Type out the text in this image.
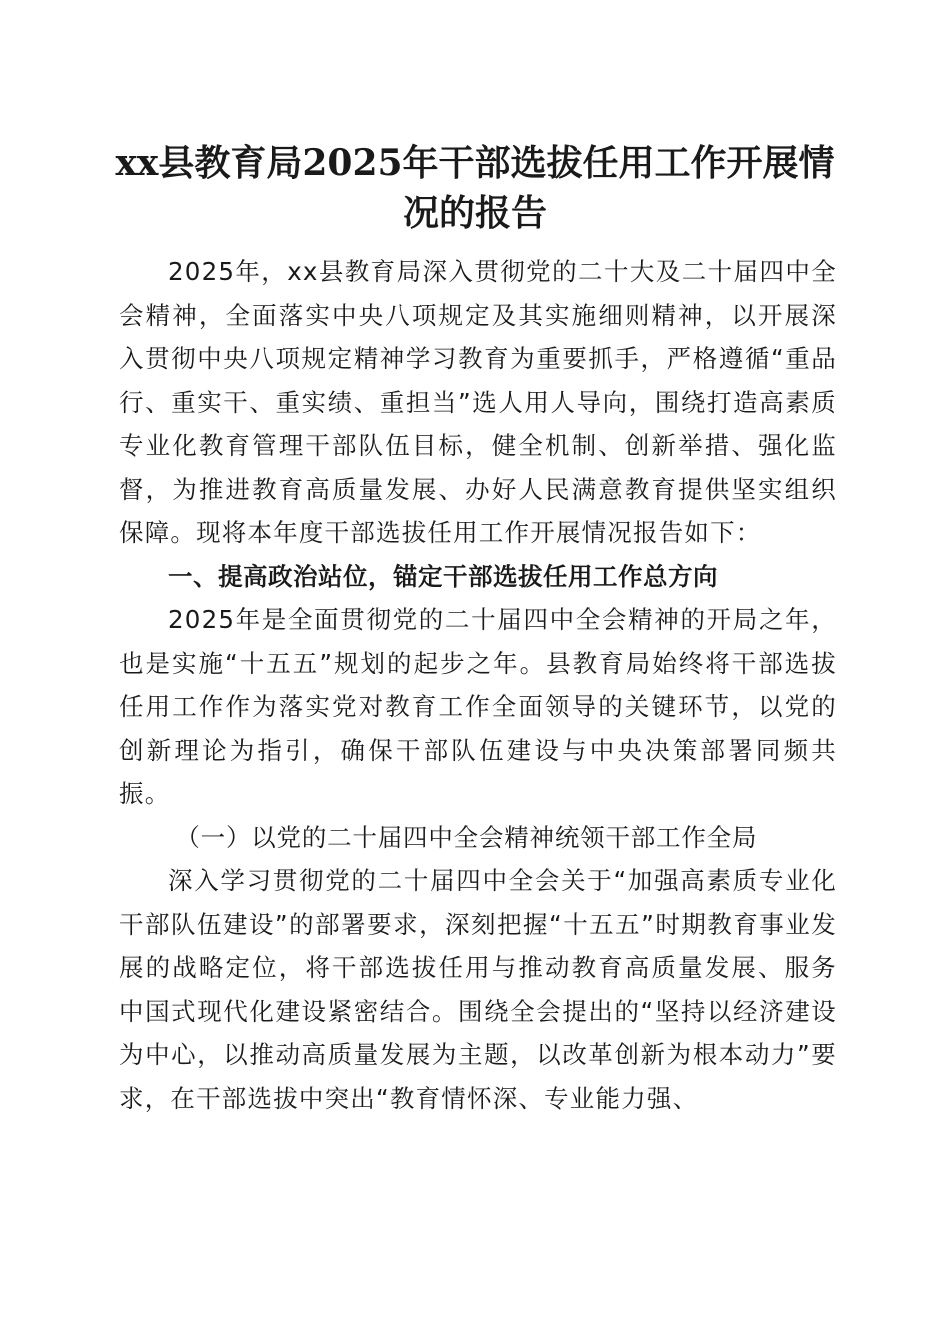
xx县教育局2025年干部选拔任用工作开展情
况的报告

2025年，xx县教育局深入贯彻党的二十大及二十届四中全会精神，全面落实中央八项规定及其实施细则精神，以开展深入贯彻中央八项规定精神学习教育为重要抓手，严格遵循“重品行、重实干、重实绩、重担当”选人用人导向，围绕打造高素质专业化教育管理干部队伍目标，健全机制、创新举措、强化监督，为推进教育高质量发展、办好人民满意教育提供坚实组织保障。现将本年度干部选拔任用工作开展情况报告如下：

一、提高政治站位，锚定干部选拔任用工作总方向

2025年是全面贯彻党的二十届四中全会精神的开局之年，也是实施“十五五”规划的起步之年。县教育局始终将干部选拔任用工作作为落实党对教育工作全面领导的关键环节，以党的创新理论为指引，确保干部队伍建设与中央决策部署同频共振。

（一）以党的二十届四中全会精神统领干部工作全局

深入学习贯彻党的二十届四中全会关于“加强高素质专业化干部队伍建设”的部署要求，深刻把握“十五五”时期教育事业发展的战略定位，将干部选拔任用与推动教育高质量发展、服务中国式现代化建设紧密结合。围绕全会提出的“坚持以经济建设为中心，以推动高质量发展为主题，以改革创新为根本动力”要求，在干部选拔中突出“教育情怀深、专业能力强、
